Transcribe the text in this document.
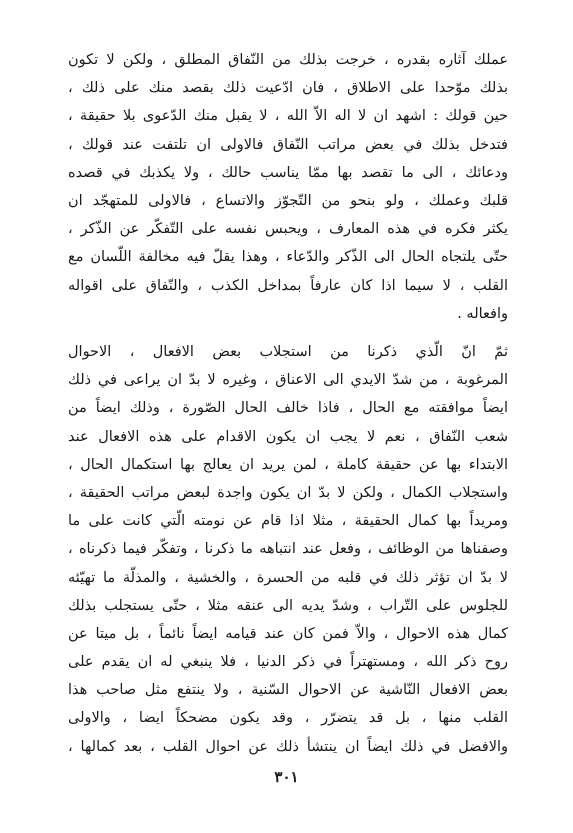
عملك آثاره بقدره ، خرجت بذلك من النّفاق المطلق ، ولكن لا تكون
بذلك موّحدا على الاطلاق ، فان ادّعيت ذلك بقصد منك على ذلك ،
حين قولك : اشهد ان لا اله الاّ الله ، لا يقبل منك الدّعوى بلا حقيقة ،
فتدخل بذلك في بعض مراتب النّفاق فالاولى ان تلتفت عند قولك ،
ودعائك ، الى ما تقصد بها ممّا يناسب حالك ، ولا يكذبك في قصده
قلبك وعملك ، ولو بنحو من التّجوّز والاتساع ، فالاولى للمتهجّد ان
يكثر فكره في هذه المعارف ، ويحبس نفسه على التّفكّر عن الذّكر ،
حتّى يلتجاه الحال الى الذّكر والدّعاء ، وهذا يقلّ فيه مخالفة اللّسان مع
القلب ، لا سيما اذا كان عارفاً بمداخل الكذب ، والنّفاق على اقواله
وافعاله .
ثمّ انّ الّذي ذكرنا من استجلاب بعض الافعال ، الاحوال
المرغوبة ، من شدّ الايدي الى الاعناق ، وغيره لا بدّ ان يراعى في ذلك
ايضاً موافقته مع الحال ، فاذا خالف الحال الصّورة ، وذلك ايضاً من
شعب النّفاق ، نعم لا يجب ان يكون الاقدام على هذه الافعال عند
الابتداء بها عن حقيقة كاملة ، لمن يريد ان يعالج بها استكمال الحال ،
واستجلاب الكمال ، ولكن لا بدّ ان يكون واجدة لبعض مراتب الحقيقة ،
ومريداً بها كمال الحقيقة ، مثلا اذا قام عن نومته الّتي كانت على ما
وصفناها من الوظائف ، وفعل عند انتباهه ما ذكرنا ، وتفكّر فيما ذكرناه ،
لا بدّ ان تؤثر ذلك في قلبه من الحسرة ، والخشية ، والمذلّة ما تهيّئه
للجلوس على التّراب ، وشدّ يديه الى عنقه مثلا ، حتّى يستجلب بذلك
كمال هذه الاحوال ، والاّ فمن كان عند قيامه ايضاً نائماً ، بل ميتا عن
روح ذكر الله ، ومستهتراً في ذكر الدنيا ، فلا ينبغي له ان يقدم على
بعض الافعال النّاشية عن الاحوال السّنية ، ولا ينتفع مثل صاحب هذا
القلب منها ، بل قد يتضرّر ، وقد يكون مضحكاً ايضا ، والاولى
والافضل في ذلك ايضاً ان ينتشأ ذلك عن احوال القلب ، بعد كمالها ،
٣٠١
